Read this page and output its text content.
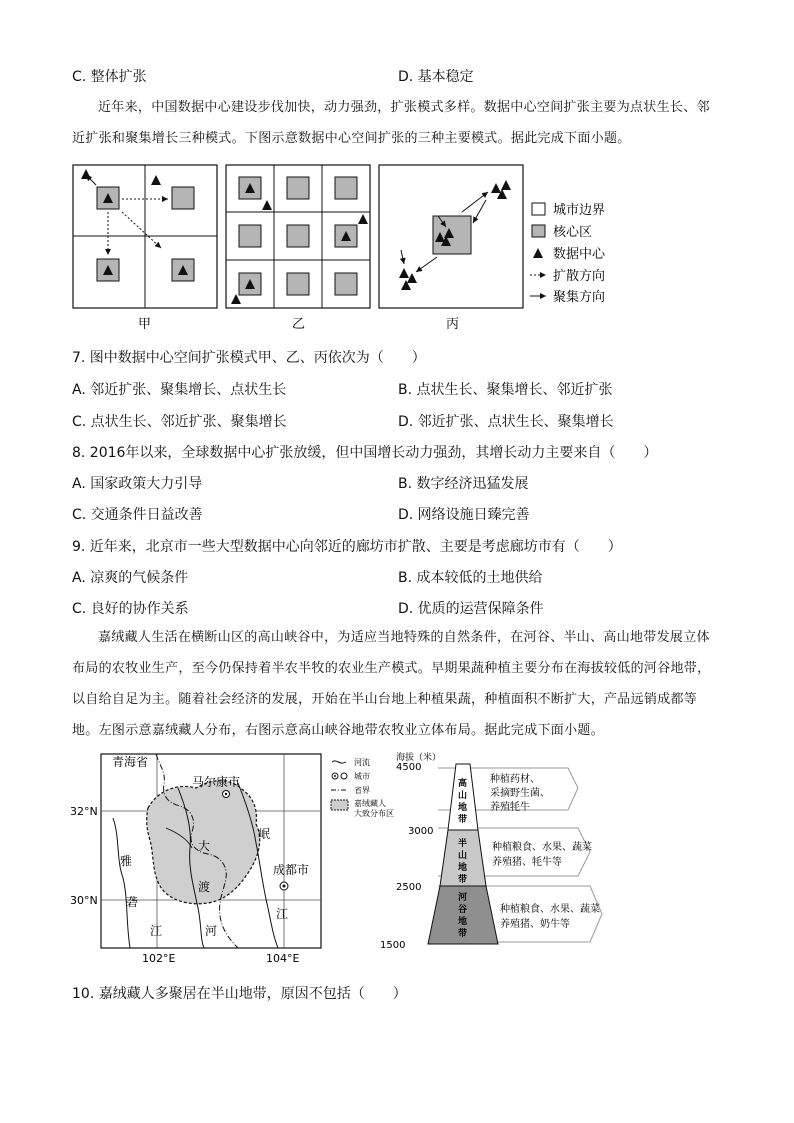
C. 整体扩张	D. 基本稳定
近年来，中国数据中心建设步伐加快，动力强劲，扩张模式多样。数据中心空间扩张主要为点状生长、邻近扩张和聚集增长三种模式。下图示意数据中心空间扩张的三种主要模式。据此完成下面小题。
甲	乙	丙
城市边界
核心区
数据中心
扩散方向
聚集方向
7. 图中数据中心空间扩张模式甲、乙、丙依次为（　　）
A. 邻近扩张、聚集增长、点状生长	B. 点状生长、聚集增长、邻近扩张
C. 点状生长、邻近扩张、聚集增长	D. 邻近扩张、点状生长、聚集增长
8. 2016年以来，全球数据中心扩张放缓，但中国增长动力强劲，其增长动力主要来自（　　）
A. 国家政策大力引导	B. 数字经济迅猛发展
C. 交通条件日益改善	D. 网络设施日臻完善
9. 近年来，北京市一些大型数据中心向邻近的廊坊市扩散、主要是考虑廊坊市有（　　）
A. 凉爽的气候条件	B. 成本较低的土地供给
C. 良好的协作关系	D. 优质的运营保障条件
嘉绒藏人生活在横断山区的高山峡谷中，为适应当地特殊的自然条件，在河谷、半山、高山地带发展立体布局的农牧业生产，至今仍保持着半农半牧的农业生产模式。早期果蔬种植主要分布在海拔较低的河谷地带，以自给自足为主。随着社会经济的发展，开始在半山台地上种植果蔬，种植面积不断扩大，产品远销成都等地。左图示意嘉绒藏人分布，右图示意高山峡谷地带农牧业立体布局。据此完成下面小题。
青海省
32°N
30°N
102°E	104°E
马尔康市
成都市
雅
砻
江
大
渡
河
岷
江
河流
城市
省界
嘉绒藏人
大致分布区
海拔（米）
4500
3000
2500
1500
高
山
地
带
半
山
地
带
河
谷
地
带
种植药材、
采摘野生菌、
养殖牦牛
种植粮食、水果、蔬菜
养殖猪、牦牛等
种植粮食、水果、蔬菜
养殖猪、奶牛等
10. 嘉绒藏人多聚居在半山地带，原因不包括（　　）
